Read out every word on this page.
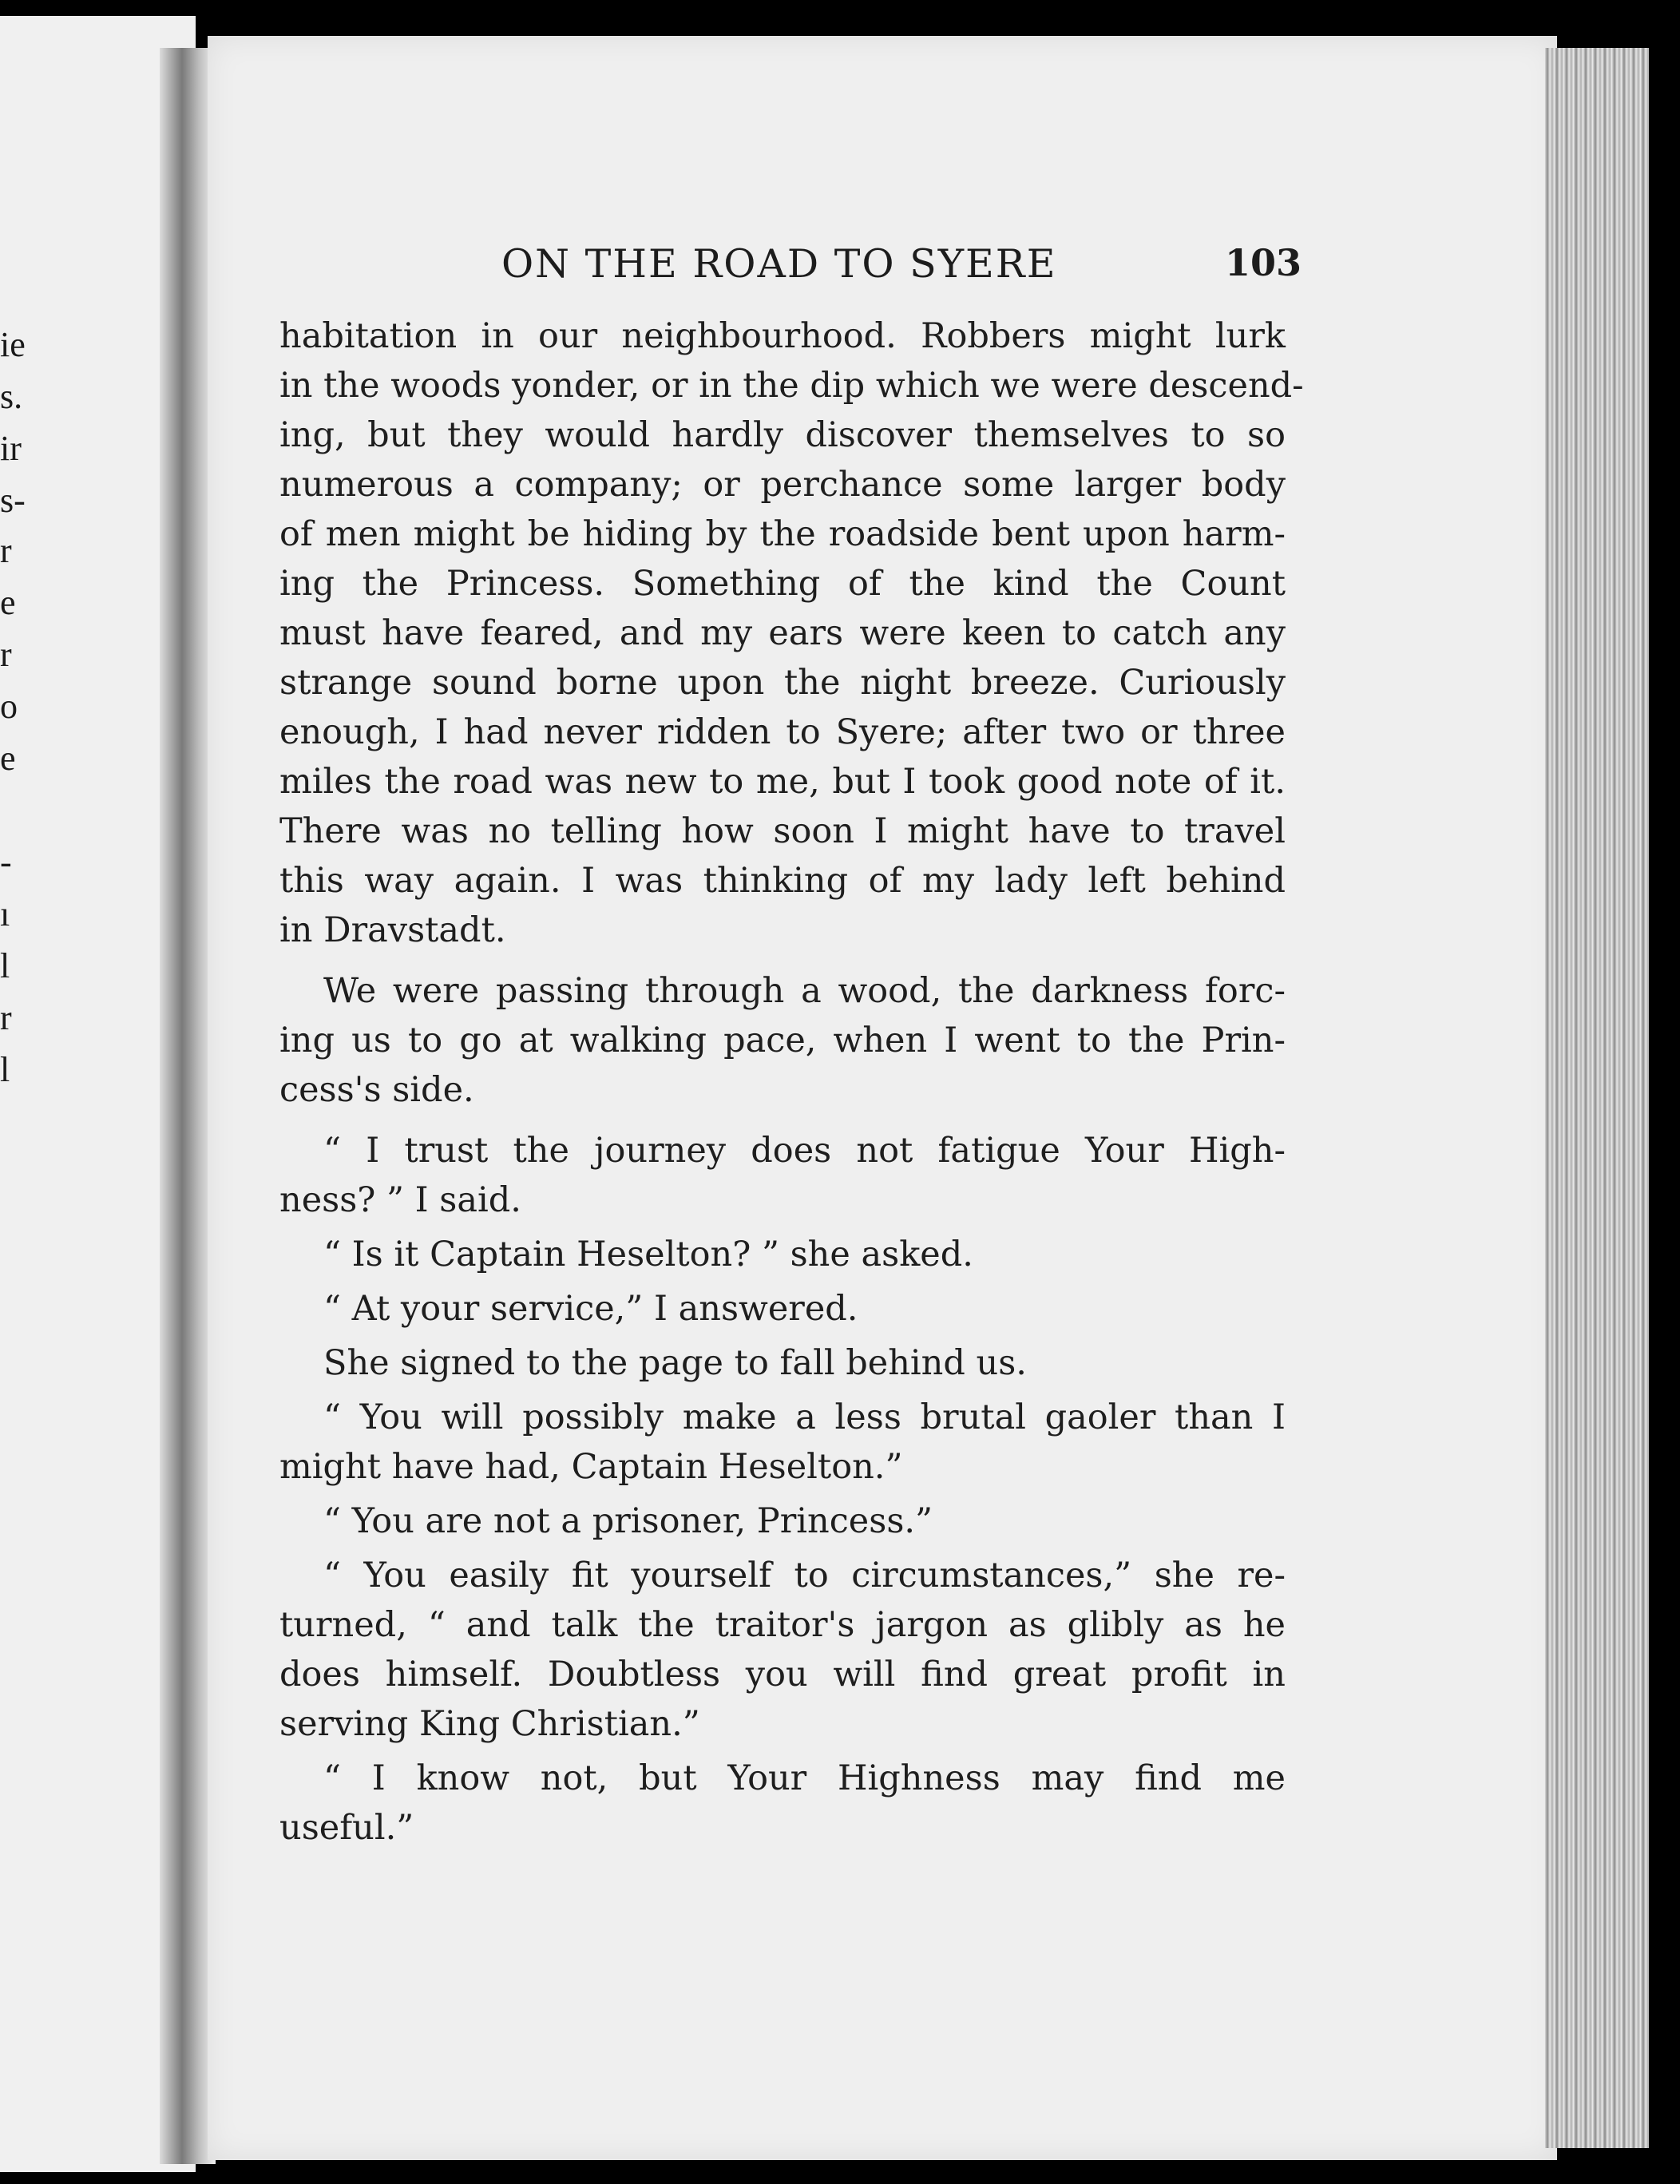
ie
s.
ir
s-
r
e
r
o
e
-
ı
l
r
l
ON THE ROAD TO SYERE	103
habitation in our neighbourhood. Robbers might lurk
in the woods yonder, or in the dip which we were descend-
ing, but they would hardly discover themselves to so
numerous a company; or perchance some larger body
of men might be hiding by the roadside bent upon harm-
ing the Princess. Something of the kind the Count
must have feared, and my ears were keen to catch any
strange sound borne upon the night breeze. Curiously
enough, I had never ridden to Syere; after two or three
miles the road was new to me, but I took good note of it.
There was no telling how soon I might have to travel
this way again. I was thinking of my lady left behind
in Dravstadt.
We were passing through a wood, the darkness forc-
ing us to go at walking pace, when I went to the Prin-
cess's side.
“ I trust the journey does not fatigue Your High-
ness? ” I said.
“ Is it Captain Heselton? ” she asked.
“ At your service,” I answered.
She signed to the page to fall behind us.
“ You will possibly make a less brutal gaoler than I
might have had, Captain Heselton.”
“ You are not a prisoner, Princess.”
“ You easily fit yourself to circumstances,” she re-
turned, “ and talk the traitor's jargon as glibly as he
does himself. Doubtless you will find great profit in
serving King Christian.”
“ I know not, but Your Highness may find me
useful.”
